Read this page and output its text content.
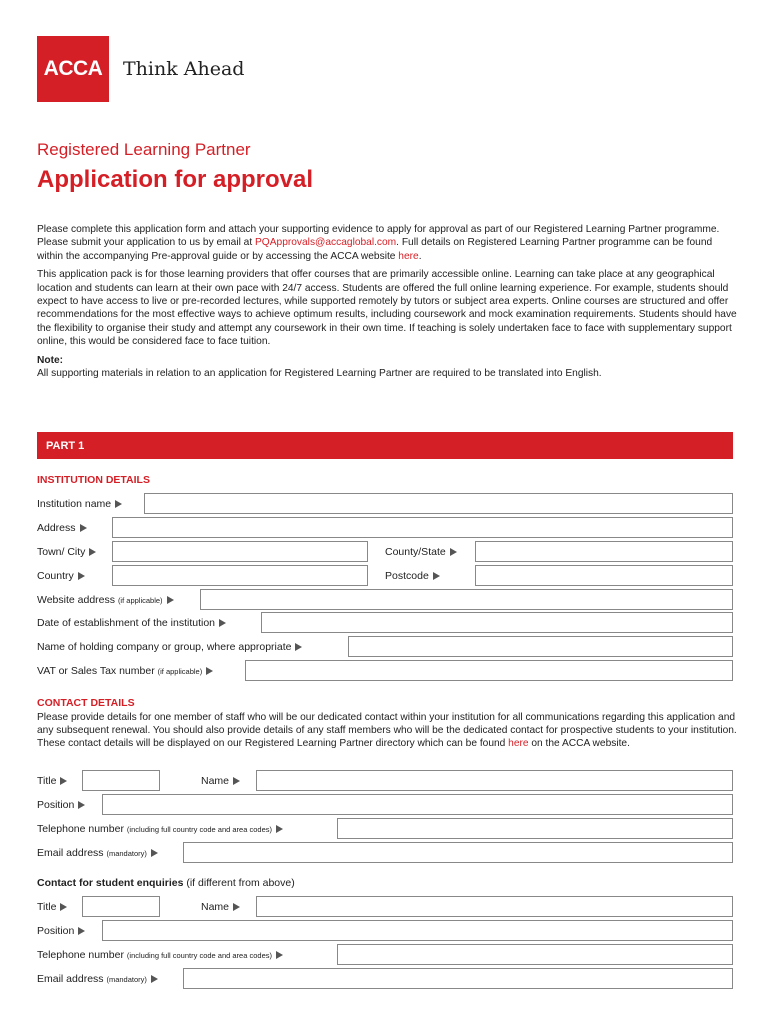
ACCA	Think Ahead
Registered Learning Partner
Application for approval

Please complete this application form and attach your supporting evidence to apply for approval as part of our Registered Learning Partner programme. Please submit your application to us by email at PQApprovals@accaglobal.com. Full details on Registered Learning Partner programme can be found within the accompanying Pre-approval guide or by accessing the ACCA website here.

This application pack is for those learning providers that offer courses that are primarily accessible online. Learning can take place at any geographical location and students can learn at their own pace with 24/7 access. Students are offered the full online learning experience. For example, students should expect to have access to live or pre-recorded lectures, while supported remotely by tutors or subject area experts. Online courses are structured and offer recommendations for the most effective ways to achieve optimum results, including coursework and mock examination requirements. Students should have the flexibility to organise their study and attempt any coursework in their own time. If teaching is solely undertaken face to face with supplementary support online, this would be considered face to face tuition.

Note:
All supporting materials in relation to an application for Registered Learning Partner are required to be translated into English.
PART 1
INSTITUTION DETAILS
Institution name
Address
Town/ City	County/State
Country	Postcode
Website address (if applicable)
Date of establishment of the institution
Name of holding company or group, where appropriate
VAT or Sales Tax number (if applicable)
CONTACT DETAILS
Please provide details for one member of staff who will be our dedicated contact within your institution for all communications regarding this application and any subsequent renewal. You should also provide details of any staff members who will be the dedicated contact for prospective students to your institution. These contact details will be displayed on our Registered Learning Partner directory which can be found here on the ACCA website.
Title	Name
Position
Telephone number (including full country code and area codes)
Email address (mandatory)
Contact for student enquiries (if different from above)
Title	Name
Position
Telephone number (including full country code and area codes)
Email address (mandatory)
